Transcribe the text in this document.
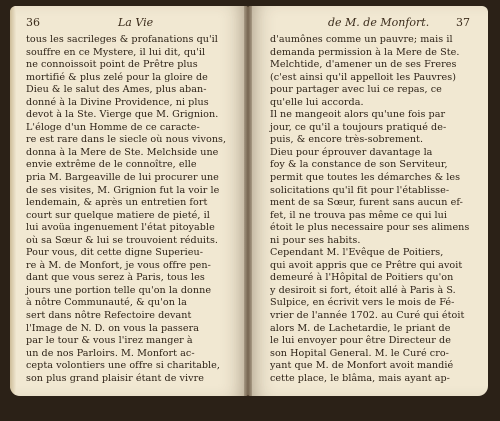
36	La Vie
tous les sacrileges & profanations qu'il
souffre en ce Mystere, il lui dit, qu'il
ne connoissoit point de Prêtre plus
mortifié & plus zelé pour la gloire de
Dieu & le salut des Ames, plus aban-
donné à la Divine Providence, ni plus
devot à la Ste. Vierge que M. Grignion.
L'éloge d'un Homme de ce caracte-
re est rare dans le siecle où nous vivons,
donna à la Mere de Ste. Melchside une
envie extrême de le connoître, elle
pria M. Bargeaville de lui procurer une
de ses visites, M. Grignion fut la voir le
lendemain, & après un entretien fort
court sur quelque matiere de pieté, il
lui avoüa ingenuement l'état pitoyable
où sa Sœur & lui se trouvoient réduits.
Pour vous, dit cette digne Superieu-
re à M. de Monfort, je vous offre pen-
dant que vous serez à Paris, tous les
jours une portion telle qu'on la donne
à nôtre Communauté, & qu'on la
sert dans nôtre Refectoire devant
l'Image de N. D. on vous la passera
par le tour & vous l'irez manger à
un de nos Parloirs. M. Monfort ac-
cepta volontiers une offre si charitable,
son plus grand plaisir étant de vivre
de M. de Monfort. 37
d'aumônes comme un pauvre; mais il
demanda permission à la Mere de Ste.
Melchtide, d'amener un de ses Freres
(c'est ainsi qu'il appelloit les Pauvres)
pour partager avec lui ce repas, ce
qu'elle lui accorda.
Il ne mangeoit alors qu'une fois par
jour, ce qu'il a toujours pratiqué de-
puis, & encore très-sobrement.
Dieu pour éprouver davantage la
foy & la constance de son Serviteur,
permit que toutes les démarches & les
solicitations qu'il fit pour l'établisse-
ment de sa Sœur, furent sans aucun ef-
fet, il ne trouva pas même ce qui lui
étoit le plus necessaire pour ses alimens
ni pour ses habits.
Cependant M. l'Evêque de Poitiers,
qui avoit appris que ce Prêtre qui avoit
demeuré à l'Hôpital de Poitiers qu'on
y desiroit si fort, étoit allé à Paris à S.
Sulpice, en écrivit vers le mois de Fé-
vrier de l'année 1702. au Curé qui étoit
alors M. de Lachetardie, le priant de
le lui envoyer pour être Directeur de
son Hopital General. M. le Curé cro-
yant que M. de Monfort avoit mandié
cette place, le blâma, mais ayant ap-
